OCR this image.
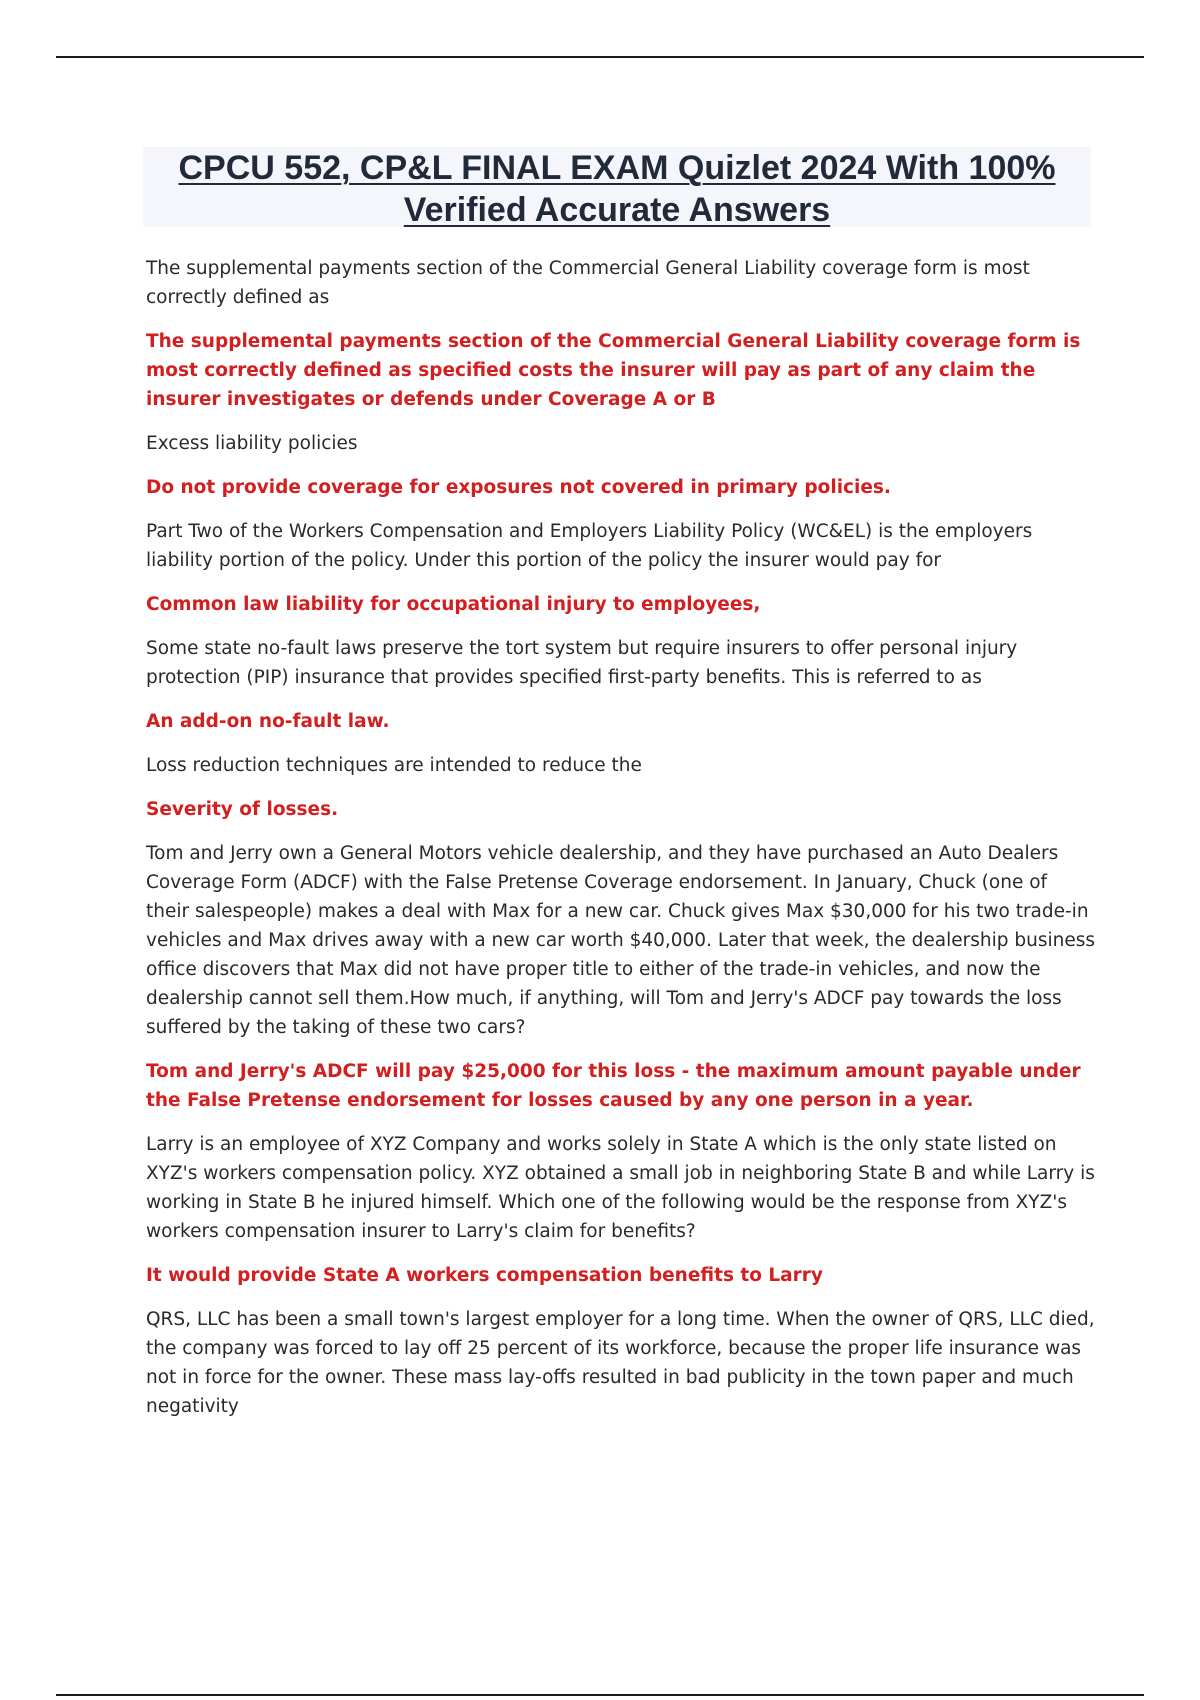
CPCU 552, CP&L FINAL EXAM Quizlet 2024 With 100%
Verified Accurate Answers

The supplemental payments section of the Commercial General Liability coverage form is most correctly defined as

The supplemental payments section of the Commercial General Liability coverage form is most correctly defined as specified costs the insurer will pay as part of any claim the insurer investigates or defends under Coverage A or B

Excess liability policies

Do not provide coverage for exposures not covered in primary policies.

Part Two of the Workers Compensation and Employers Liability Policy (WC&EL) is the employers liability portion of the policy. Under this portion of the policy the insurer would pay for

Common law liability for occupational injury to employees,

Some state no-fault laws preserve the tort system but require insurers to offer personal injury protection (PIP) insurance that provides specified first-party benefits. This is referred to as

An add-on no-fault law.

Loss reduction techniques are intended to reduce the

Severity of losses.

Tom and Jerry own a General Motors vehicle dealership, and they have purchased an Auto Dealers Coverage Form (ADCF) with the False Pretense Coverage endorsement. In January, Chuck (one of their salespeople) makes a deal with Max for a new car. Chuck gives Max $30,000 for his two trade-in vehicles and Max drives away with a new car worth $40,000. Later that week, the dealership business office discovers that Max did not have proper title to either of the trade-in vehicles, and now the dealership cannot sell them.How much, if anything, will Tom and Jerry's ADCF pay towards the loss suffered by the taking of these two cars?

Tom and Jerry's ADCF will pay $25,000 for this loss - the maximum amount payable under the False Pretense endorsement for losses caused by any one person in a year.

Larry is an employee of XYZ Company and works solely in State A which is the only state listed on XYZ's workers compensation policy. XYZ obtained a small job in neighboring State B and while Larry is working in State B he injured himself. Which one of the following would be the response from XYZ's workers compensation insurer to Larry's claim for benefits?

It would provide State A workers compensation benefits to Larry

QRS, LLC has been a small town's largest employer for a long time. When the owner of QRS, LLC died, the company was forced to lay off 25 percent of its workforce, because the proper life insurance was not in force for the owner. These mass lay-offs resulted in bad publicity in the town paper and much negativity
